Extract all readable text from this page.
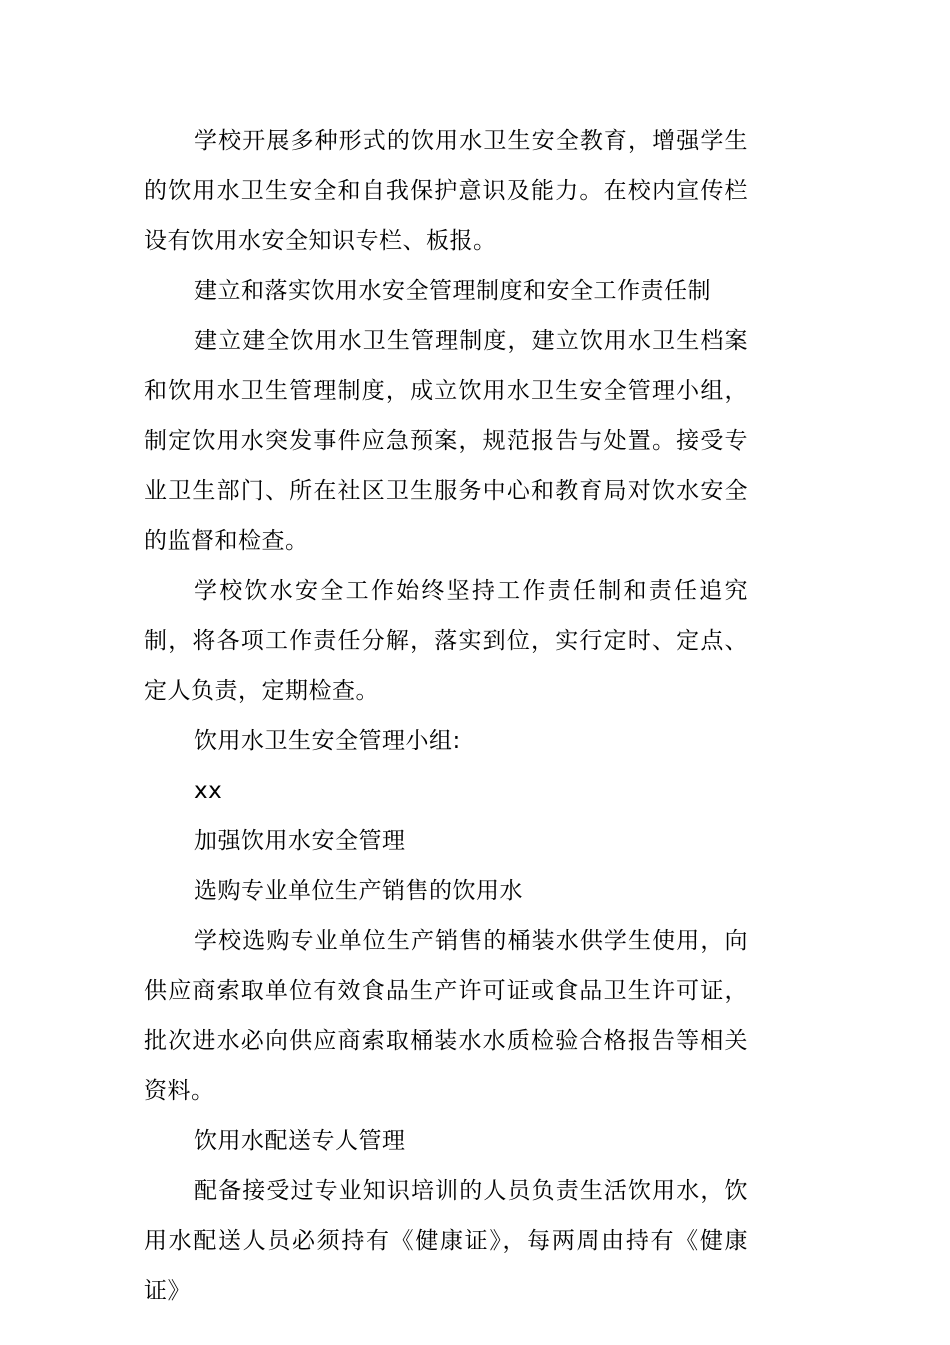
学校开展多种形式的饮用水卫生安全教育，增强学生的饮用水卫生安全和自我保护意识及能力。在校内宣传栏设有饮用水安全知识专栏、板报。

建立和落实饮用水安全管理制度和安全工作责任制

建立建全饮用水卫生管理制度，建立饮用水卫生档案和饮用水卫生管理制度，成立饮用水卫生安全管理小组，制定饮用水突发事件应急预案，规范报告与处置。接受专业卫生部门、所在社区卫生服务中心和教育局对饮水安全的监督和检查。

学校饮水安全工作始终坚持工作责任制和责任追究制，将各项工作责任分解，落实到位，实行定时、定点、定人负责，定期检查。

饮用水卫生安全管理小组:

xx

加强饮用水安全管理

选购专业单位生产销售的饮用水

学校选购专业单位生产销售的桶装水供学生使用，向供应商索取单位有效食品生产许可证或食品卫生许可证，批次进水必向供应商索取桶装水水质检验合格报告等相关资料。

饮用水配送专人管理

配备接受过专业知识培训的人员负责生活饮用水，饮用水配送人员必须持有《健康证》，每两周由持有《健康证》
